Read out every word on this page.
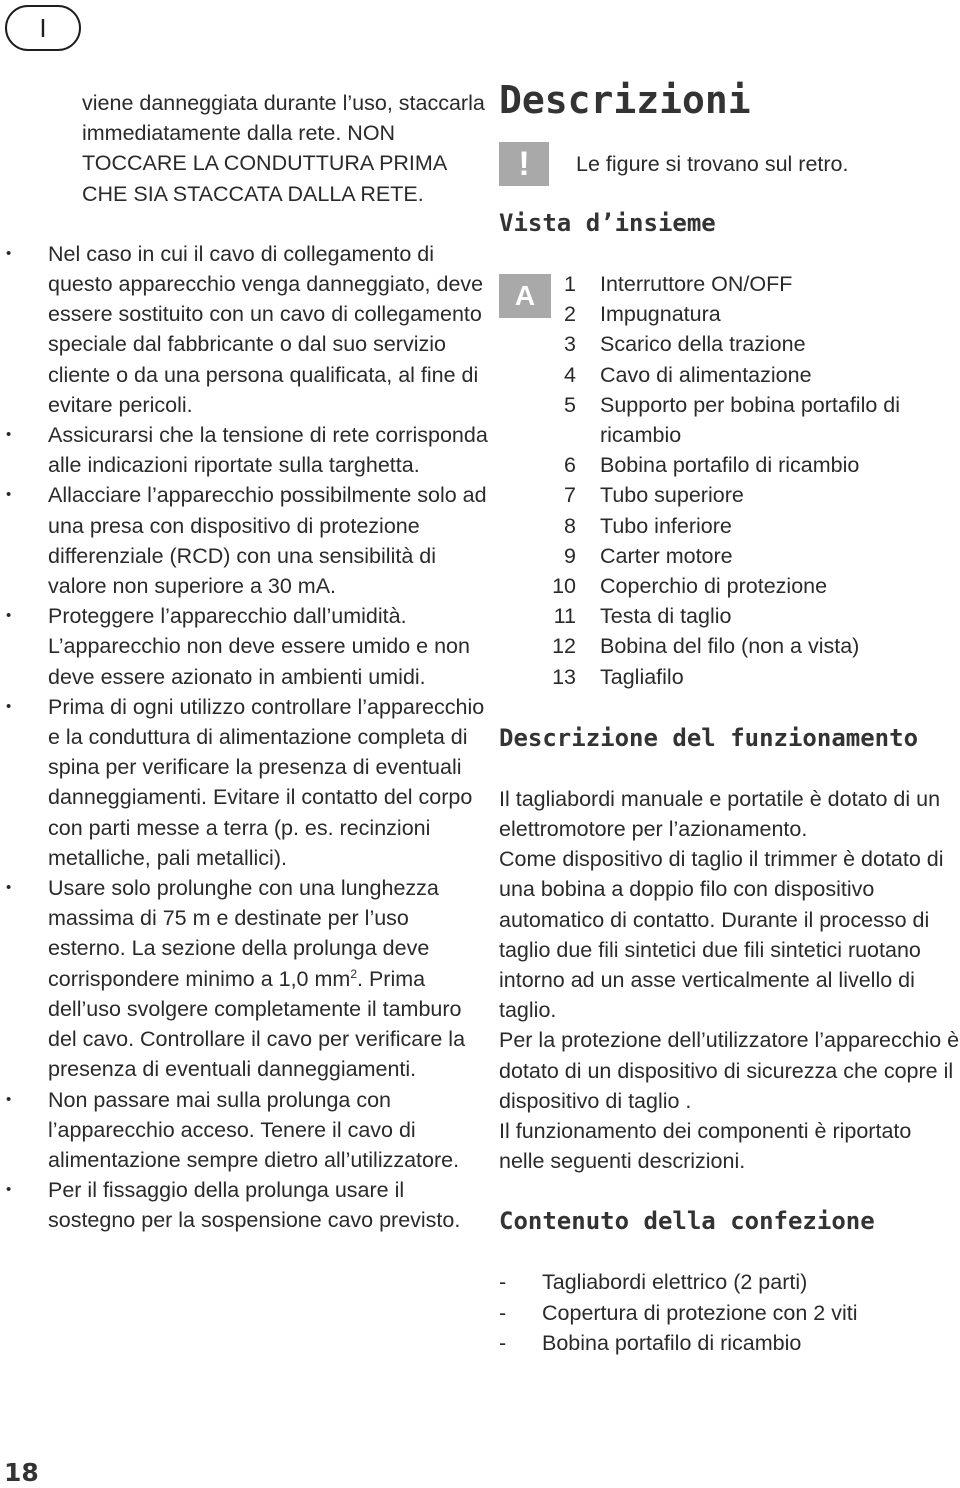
I
viene danneggiata durante l’uso, staccarla immediatamente dalla rete. NON TOCCARE LA CONDUTTURA PRIMA CHE SIA STACCATA DALLA RETE.
• Nel caso in cui il cavo di collegamento di questo apparecchio venga danneggiato, deve essere sostituito con un cavo di collegamento speciale dal fabbricante o dal suo servizio cliente o da una persona qualificata, al fine di evitare pericoli.
• Assicurarsi che la tensione di rete corrisponda alle indicazioni riportate sulla targhetta.
• Allacciare l’apparecchio possibilmente solo ad una presa con dispositivo di protezione differenziale (RCD) con una sensibilità di valore non superiore a 30 mA.
• Proteggere l’apparecchio dall’umidità. L’apparecchio non deve essere umido e non deve essere azionato in ambienti umidi.
• Prima di ogni utilizzo controllare l’apparecchio e la conduttura di alimentazione completa di spina per verificare la presenza di eventuali danneggiamenti. Evitare il contatto del corpo con parti messe a terra (p. es. recinzioni metalliche, pali metallici).
• Usare solo prolunghe con una lunghezza massima di 75 m e destinate per l’uso esterno. La sezione della prolunga deve corrispondere minimo a 1,0 $mm^2$. Prima dell’uso svolgere completamente il tamburo del cavo. Controllare il cavo per verificare la presenza di eventuali danneggiamenti.
• Non passare mai sulla prolunga con l’apparecchio acceso. Tenere il cavo di alimentazione sempre dietro all’utilizzatore.
• Per il fissaggio della prolunga usare il sostegno per la sospensione cavo previsto.
Descrizioni
!	Le figure si trovano sul retro.
Vista d’insieme
A	1 Interruttore ON/OFF
2 Impugnatura
3 Scarico della trazione
4 Cavo di alimentazione
5 Supporto per bobina portafilo di ricambio
6 Bobina portafilo di ricambio
7 Tubo superiore
8 Tubo inferiore
9 Carter motore
10 Coperchio di protezione
11 Testa di taglio
12 Bobina del filo (non a vista)
13 Tagliafilo
Descrizione del funzionamento

Il tagliabordi manuale e portatile è dotato di un elettromotore per l’azionamento.

Come dispositivo di taglio il trimmer è dotato di una bobina a doppio filo con dispositivo automatico di contatto. Durante il processo di taglio due fili sintetici due fili sintetici ruotano intorno ad un asse verticalmente al livello di taglio.

Per la protezione dell’utilizzatore l’apparecchio è dotato di un dispositivo di sicurezza che copre il dispositivo di taglio .

Il funzionamento dei componenti è riportato nelle seguenti descrizioni.

Contenuto della confezione
-	Tagliabordi elettrico (2 parti)
-	Copertura di protezione con 2 viti
-	Bobina portafilo di ricambio
18
